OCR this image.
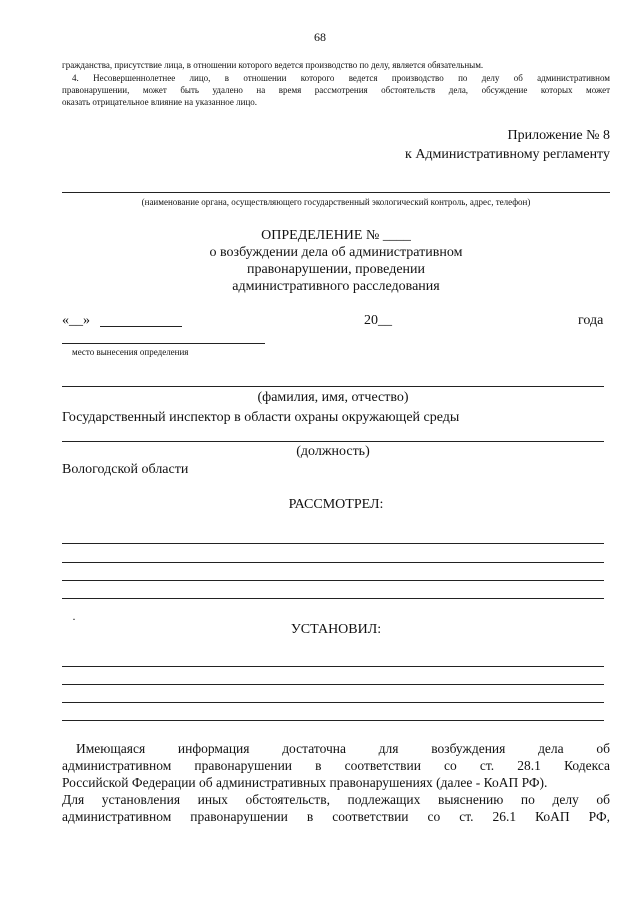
68
гражданства, присутствие лица, в отношении которого ведется производство по делу, является обязательным.
4. Несовершеннолетнее лицо, в отношении которого ведется производство по делу об административном
правонарушении, может быть удалено на время рассмотрения обстоятельств дела, обсуждение которых может
оказать отрицательное влияние на указанное лицо.
Приложение № 8
к Административному регламенту
(наименование органа, осуществляющего государственный экологический контроль, адрес, телефон)
ОПРЕДЕЛЕНИЕ № ____
о возбуждении дела об административном
правонарушении, проведении
административного расследования
«__»	20__	года
место вынесения определения
(фамилия, имя, отчество)
Государственный инспектор в области охраны окружающей среды
(должность)
Вологодской области
РАССМОТРЕЛ:
·
УСТАНОВИЛ:
Имеющаяся информация достаточна для возбуждения дела об
административном правонарушении в соответствии со ст. 28.1 Кодекса
Российской Федерации об административных правонарушениях (далее - КоАП РФ).
Для установления иных обстоятельств, подлежащих выяснению по делу об
административном правонарушении в соответствии со ст. 26.1 КоАП РФ,
